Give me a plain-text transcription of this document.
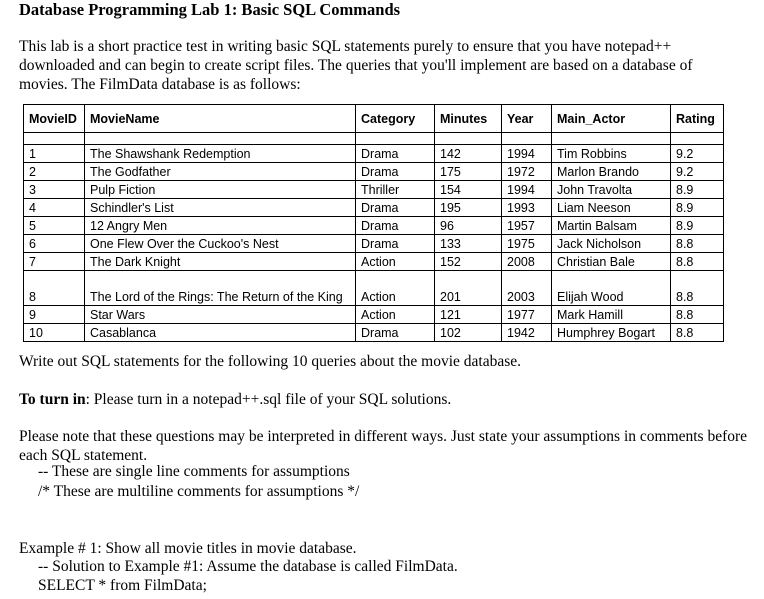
Database Programming Lab 1: Basic SQL Commands
This lab is a short practice test in writing basic SQL statements purely to ensure that you have notepad++ downloaded and can begin to create script files. The queries that you'll implement are based on a database of movies. The FilmData database is as follows:
MovieID	MovieName	Category	Minutes	Year	Main_Actor	Rating

1	The Shawshank Redemption	Drama	142	1994	Tim Robbins	9.2
2	The Godfather	Drama	175	1972	Marlon Brando	9.2
3	Pulp Fiction	Thriller	154	1994	John Travolta	8.9
4	Schindler's List	Drama	195	1993	Liam Neeson	8.9
5	12 Angry Men	Drama	96	1957	Martin Balsam	8.9
6	One Flew Over the Cuckoo's Nest	Drama	133	1975	Jack Nicholson	8.8
7	The Dark Knight	Action	152	2008	Christian Bale	8.8
8	The Lord of the Rings: The Return of the King	Action	201	2003	Elijah Wood	8.8
9	Star Wars	Action	121	1977	Mark Hamill	8.8
10	Casablanca	Drama	102	1942	Humphrey Bogart	8.8
Write out SQL statements for the following 10 queries about the movie database.
To turn in: Please turn in a notepad++.sql file of your SQL solutions.
Please note that these questions may be interpreted in different ways. Just state your assumptions in comments before each SQL statement.
-- These are single line comments for assumptions
/* These are multiline comments for assumptions */
Example # 1: Show all movie titles in movie database.
-- Solution to Example #1: Assume the database is called FilmData.
SELECT * from FilmData;
